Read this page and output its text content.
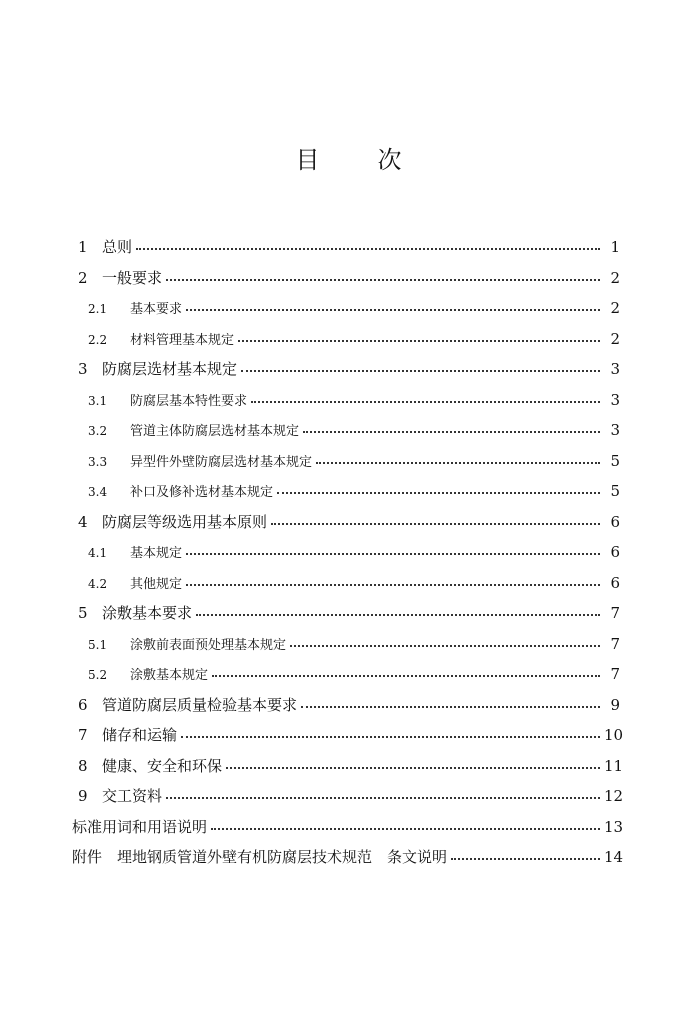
目 次
1 总则	1
2 一般要求	2
2.1	基本要求	2
2.2	材料管理基本规定	2
3 防腐层选材基本规定	3
3.1	防腐层基本特性要求	3
3.2	管道主体防腐层选材基本规定	3
3.3	异型件外壁防腐层选材基本规定	5
3.4	补口及修补选材基本规定	5
4 防腐层等级选用基本原则	6
4.1	基本规定	6
4.2	其他规定	6
5 涂敷基本要求	7
5.1	涂敷前表面预处理基本规定	7
5.2	涂敷基本规定	7
6 管道防腐层质量检验基本要求	9
7 储存和运输	10
8 健康、安全和环保	11
9 交工资料	12
标准用词和用语说明	13
附件　埋地钢质管道外壁有机防腐层技术规范　条文说明	14
